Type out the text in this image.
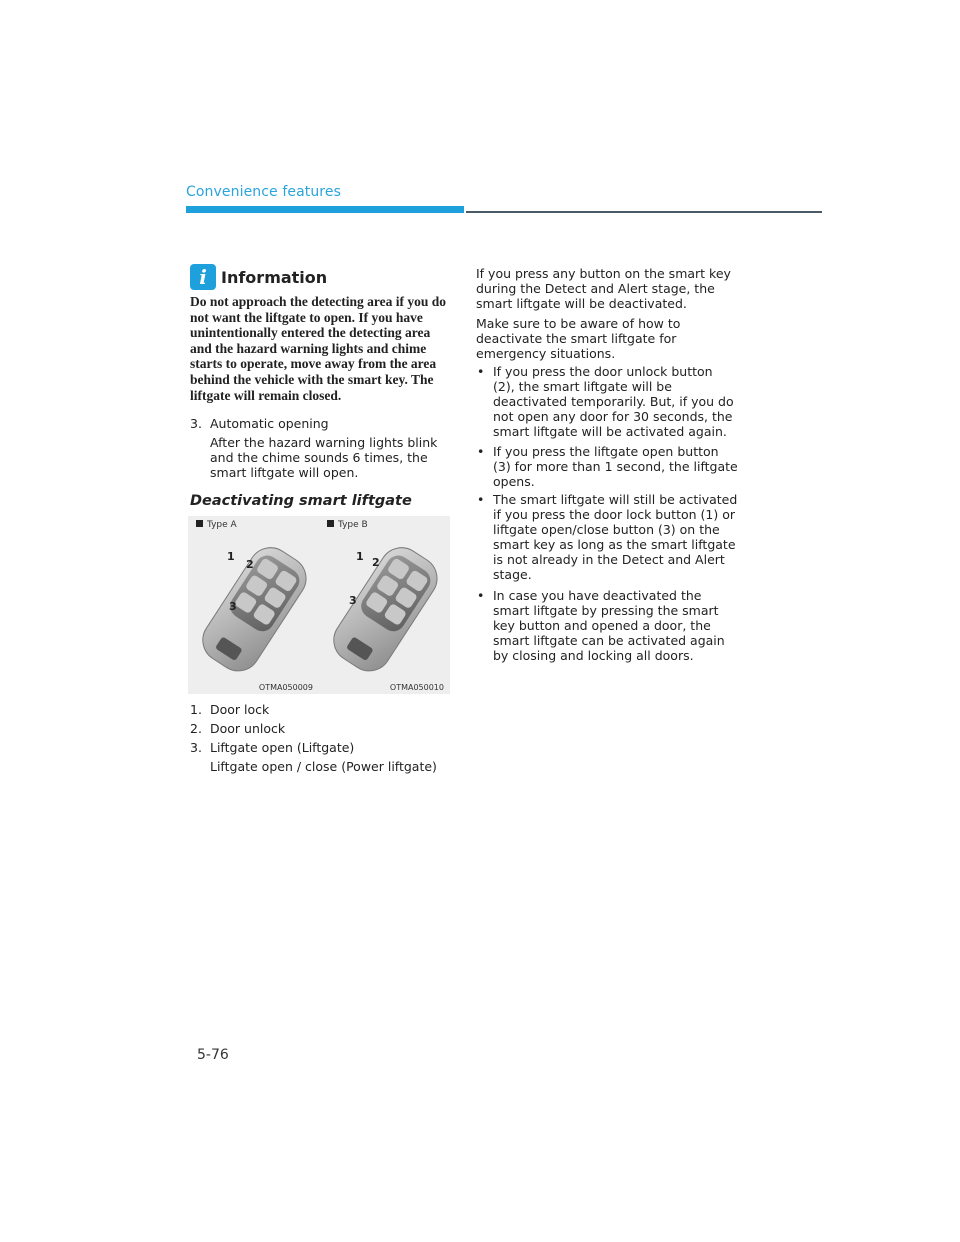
Convenience features
i Information
Do not approach the detecting area if you do not want the liftgate to open. If you have unintentionally entered the detecting area and the hazard warning lights and chime starts to operate, move away from the area behind the vehicle with the smart key. The liftgate will remain closed.
3. Automatic opening
After the hazard warning lights blink and the chime sounds 6 times, the smart liftgate will open.
Deactivating smart liftgate
1
2
3
Type A
OTMA050009
1 2
3
Type B
OTMA050010
1. Door lock
2. Door unlock
3. Liftgate open (Liftgate)
Liftgate open / close (Power liftgate)
If you press any button on the smart key during the Detect and Alert stage, the smart liftgate will be deactivated.
Make sure to be aware of how to deactivate the smart liftgate for emergency situations.
• If you press the door unlock button (2), the smart liftgate will be deactivated temporarily. But, if you do not open any door for 30 seconds, the smart liftgate will be activated again.
• If you press the liftgate open button (3) for more than 1 second, the liftgate opens.
• The smart liftgate will still be activated if you press the door lock button (1) or liftgate open/close button (3) on the smart key as long as the smart liftgate is not already in the Detect and Alert stage.
• In case you have deactivated the smart liftgate by pressing the smart key button and opened a door, the smart liftgate can be activated again by closing and locking all doors.
5-76
